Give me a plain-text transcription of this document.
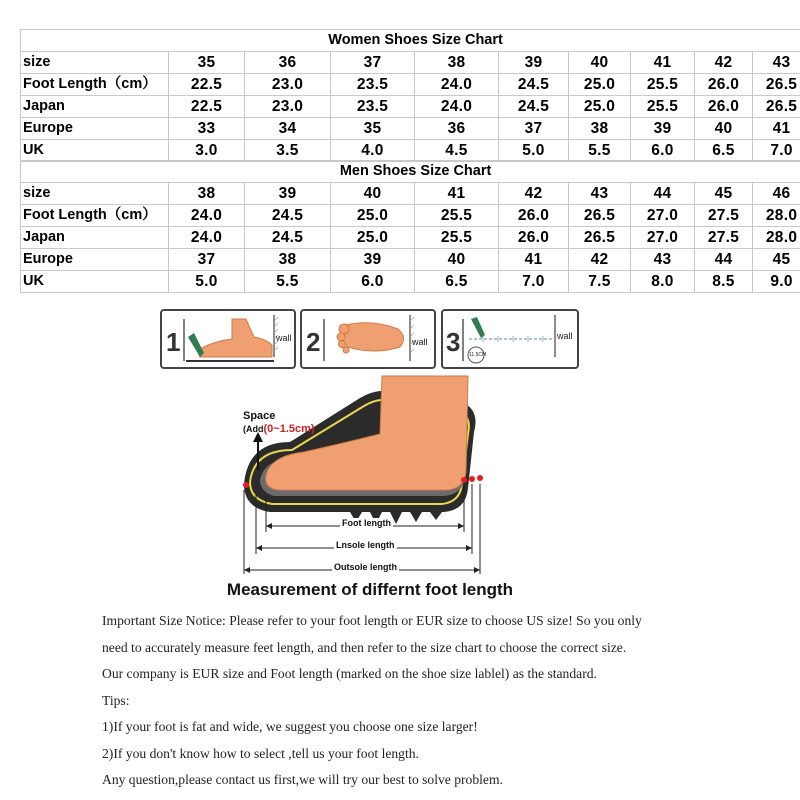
Women Shoes Size Chart									
size	35	36	37	38	39	40	41	42	43
Foot Length（cm）	22.5	23.0	23.5	24.0	24.5	25.0	25.5	26.0	26.5
Japan	22.5	23.0	23.5	24.0	24.5	25.0	25.5	26.0	26.5
Europe	33	34	35	36	37	38	39	40	41
UK	3.0	3.5	4.0	4.5	5.0	5.5	6.0	6.5	7.0
Men Shoes Size Chart									
size	38	39	40	41	42	43	44	45	46
Foot Length（cm）	24.0	24.5	25.0	25.5	26.0	26.5	27.0	27.5	28.0
Japan	24.0	24.5	25.0	25.5	26.0	26.5	27.0	27.5	28.0
Europe	37	38	39	40	41	42	43	44	45
UK	5.0	5.5	6.0	6.5	7.0	7.5	8.0	8.5	9.0
1	wall 2	wall 3	wall
11.5CM
Space
(Add(0~1.5cm)
Foot length
Lnsole length
Outsole length
Measurement of differnt foot length

Important Size Notice: Please refer to your foot length or EUR size to choose US size! So you only

need to accurately measure feet length, and then refer to the size chart to choose the correct size.

Our company is EUR size and Foot length (marked on the shoe size lablel) as the standard.

Tips:

1)If your foot is fat and wide, we suggest you choose one size larger!

2)If you don't know how to select ,tell us your foot length.

Any question,please contact us first,we will try our best to solve problem.
